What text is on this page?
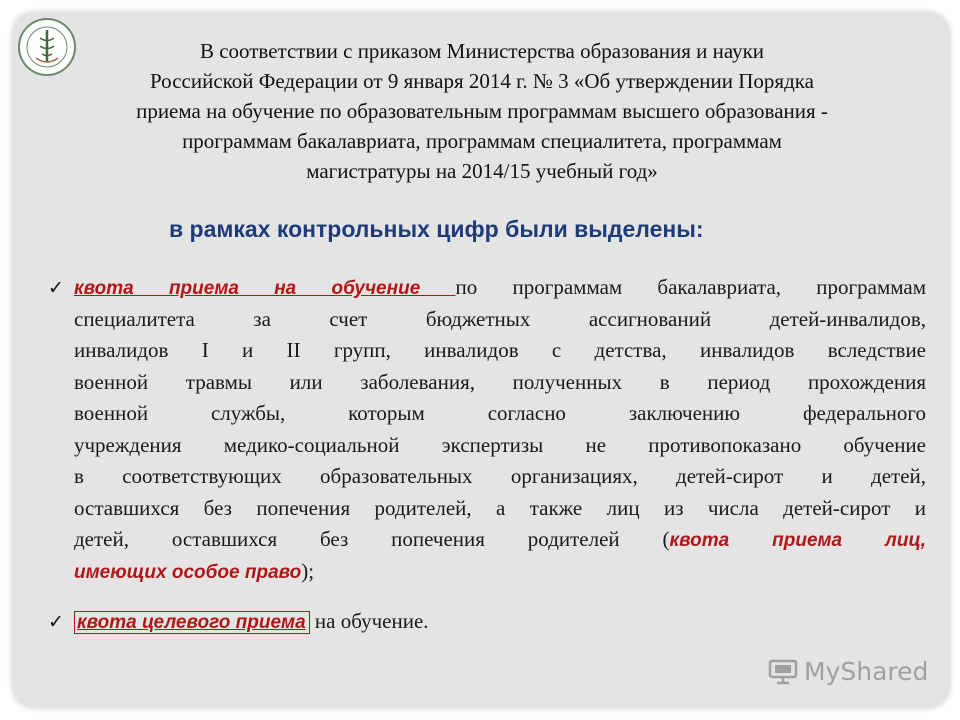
В соответствии с приказом Министерства образования и науки
Российской Федерации от 9 января 2014 г. № 3 «Об утверждении Порядка
приема на обучение по образовательным программам высшего образования -
программам бакалавриата, программам специалитета, программам
магистратуры на 2014/15 учебный год»
в рамках контрольных цифр были выделены:
✓ квота приема на обучение по программам бакалавриата, программам
специалитета за счет бюджетных ассигнований детей-инвалидов,
инвалидов I и II групп, инвалидов с детства, инвалидов вследствие
военной травмы или заболевания, полученных в период прохождения
военной службы, которым согласно заключению федерального
учреждения медико-социальной экспертизы не противопоказано обучение
в соответствующих образовательных организациях, детей-сирот и детей,
оставшихся без попечения родителей, а также лиц из числа детей-сирот и
детей, оставшихся без попечения родителей (квота приема лиц,
имеющих особое право);
✓ квота целевого приема на обучение.
MyShared
